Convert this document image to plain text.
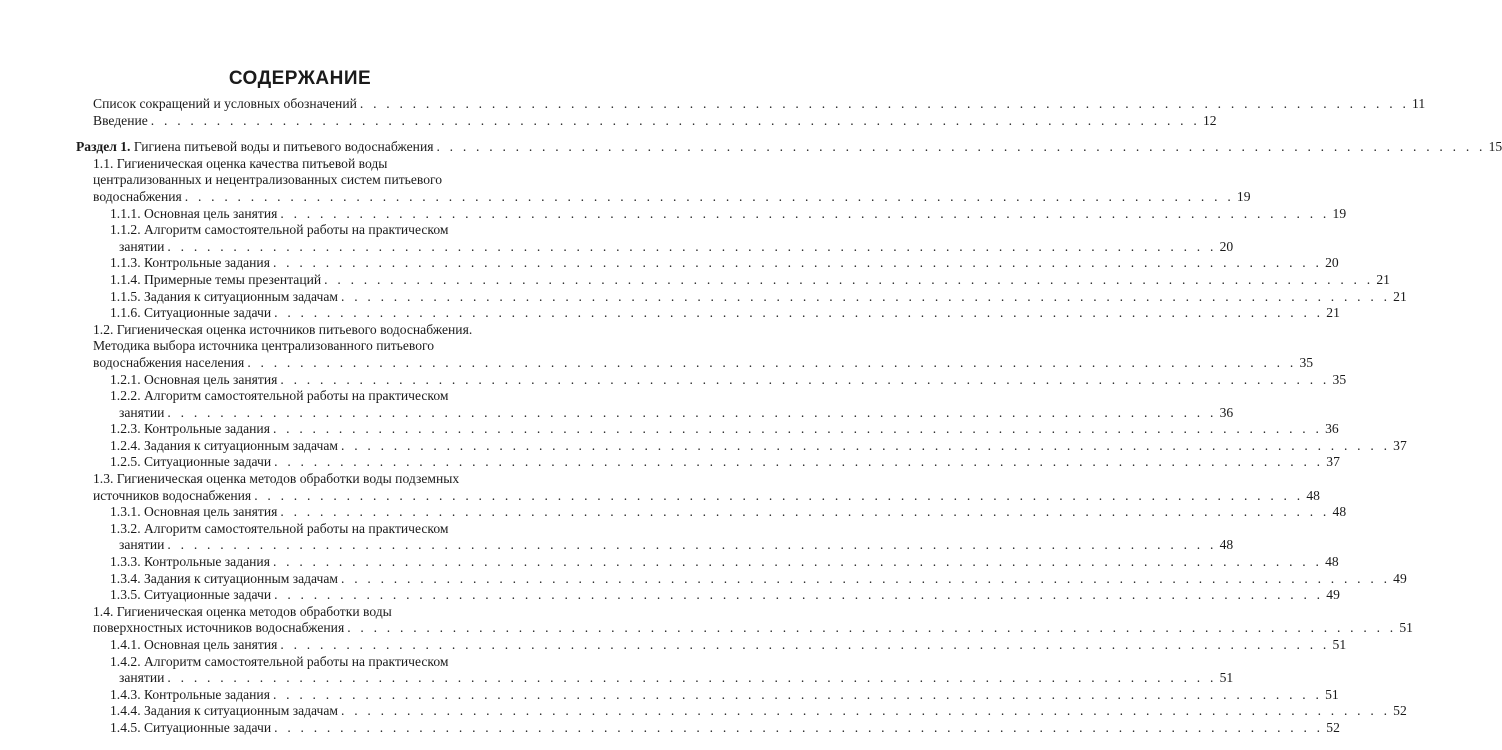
СОДЕРЖАНИЕ
Список сокращений и условных обозначений . . . . . . . . . . . . . . . . . . . . . . . . . . . . . . . . . . . . . . . . . . . . . . . . . . . . . . . . . . . . . . . . . . . . . . . . . . . . . . . . 11
Введение . . . . . . . . . . . . . . . . . . . . . . . . . . . . . . . . . . . . . . . . . . . . . . . . . . . . . . . . . . . . . . . . . . . . . . . . . . . . . . . . 12
Раздел 1. Гигиена питьевой воды и питьевого водоснабжения . . . . . . . . . . . . . . . . . . . . . . . . . . . . . . . . . . . . . . . . . . . . . . . . . . . . . . . . . . . . . . . . . . . . . . . . . . . . . . . . 15
1.1. Гигиеническая оценка качества питьевой воды
централизованных и нецентрализованных систем питьевого
водоснабжения . . . . . . . . . . . . . . . . . . . . . . . . . . . . . . . . . . . . . . . . . . . . . . . . . . . . . . . . . . . . . . . . . . . . . . . . . . . . . . . . 19
1.1.1. Основная цель занятия . . . . . . . . . . . . . . . . . . . . . . . . . . . . . . . . . . . . . . . . . . . . . . . . . . . . . . . . . . . . . . . . . . . . . . . . . . . . . . . . 19
1.1.2. Алгоритм самостоятельной работы на практическом
занятии . . . . . . . . . . . . . . . . . . . . . . . . . . . . . . . . . . . . . . . . . . . . . . . . . . . . . . . . . . . . . . . . . . . . . . . . . . . . . . . . 20
1.1.3. Контрольные задания . . . . . . . . . . . . . . . . . . . . . . . . . . . . . . . . . . . . . . . . . . . . . . . . . . . . . . . . . . . . . . . . . . . . . . . . . . . . . . . . 20
1.1.4. Примерные темы презентаций . . . . . . . . . . . . . . . . . . . . . . . . . . . . . . . . . . . . . . . . . . . . . . . . . . . . . . . . . . . . . . . . . . . . . . . . . . . . . . . . 21
1.1.5. Задания к ситуационным задачам . . . . . . . . . . . . . . . . . . . . . . . . . . . . . . . . . . . . . . . . . . . . . . . . . . . . . . . . . . . . . . . . . . . . . . . . . . . . . . . . 21
1.1.6. Ситуационные задачи . . . . . . . . . . . . . . . . . . . . . . . . . . . . . . . . . . . . . . . . . . . . . . . . . . . . . . . . . . . . . . . . . . . . . . . . . . . . . . . . 21
1.2. Гигиеническая оценка источников питьевого водоснабжения.
Методика выбора источника централизованного питьевого
водоснабжения населения . . . . . . . . . . . . . . . . . . . . . . . . . . . . . . . . . . . . . . . . . . . . . . . . . . . . . . . . . . . . . . . . . . . . . . . . . . . . . . . . 35
1.2.1. Основная цель занятия . . . . . . . . . . . . . . . . . . . . . . . . . . . . . . . . . . . . . . . . . . . . . . . . . . . . . . . . . . . . . . . . . . . . . . . . . . . . . . . . 35
1.2.2. Алгоритм самостоятельной работы на практическом
занятии . . . . . . . . . . . . . . . . . . . . . . . . . . . . . . . . . . . . . . . . . . . . . . . . . . . . . . . . . . . . . . . . . . . . . . . . . . . . . . . . 36
1.2.3. Контрольные задания . . . . . . . . . . . . . . . . . . . . . . . . . . . . . . . . . . . . . . . . . . . . . . . . . . . . . . . . . . . . . . . . . . . . . . . . . . . . . . . . 36
1.2.4. Задания к ситуационным задачам . . . . . . . . . . . . . . . . . . . . . . . . . . . . . . . . . . . . . . . . . . . . . . . . . . . . . . . . . . . . . . . . . . . . . . . . . . . . . . . . 37
1.2.5. Ситуационные задачи . . . . . . . . . . . . . . . . . . . . . . . . . . . . . . . . . . . . . . . . . . . . . . . . . . . . . . . . . . . . . . . . . . . . . . . . . . . . . . . . 37
1.3. Гигиеническая оценка методов обработки воды подземных
источников водоснабжения . . . . . . . . . . . . . . . . . . . . . . . . . . . . . . . . . . . . . . . . . . . . . . . . . . . . . . . . . . . . . . . . . . . . . . . . . . . . . . . . 48
1.3.1. Основная цель занятия . . . . . . . . . . . . . . . . . . . . . . . . . . . . . . . . . . . . . . . . . . . . . . . . . . . . . . . . . . . . . . . . . . . . . . . . . . . . . . . . 48
1.3.2. Алгоритм самостоятельной работы на практическом
занятии . . . . . . . . . . . . . . . . . . . . . . . . . . . . . . . . . . . . . . . . . . . . . . . . . . . . . . . . . . . . . . . . . . . . . . . . . . . . . . . . 48
1.3.3. Контрольные задания . . . . . . . . . . . . . . . . . . . . . . . . . . . . . . . . . . . . . . . . . . . . . . . . . . . . . . . . . . . . . . . . . . . . . . . . . . . . . . . . 48
1.3.4. Задания к ситуационным задачам . . . . . . . . . . . . . . . . . . . . . . . . . . . . . . . . . . . . . . . . . . . . . . . . . . . . . . . . . . . . . . . . . . . . . . . . . . . . . . . . 49
1.3.5. Ситуационные задачи . . . . . . . . . . . . . . . . . . . . . . . . . . . . . . . . . . . . . . . . . . . . . . . . . . . . . . . . . . . . . . . . . . . . . . . . . . . . . . . . 49
1.4. Гигиеническая оценка методов обработки воды
поверхностных источников водоснабжения . . . . . . . . . . . . . . . . . . . . . . . . . . . . . . . . . . . . . . . . . . . . . . . . . . . . . . . . . . . . . . . . . . . . . . . . . . . . . . . . 51
1.4.1. Основная цель занятия . . . . . . . . . . . . . . . . . . . . . . . . . . . . . . . . . . . . . . . . . . . . . . . . . . . . . . . . . . . . . . . . . . . . . . . . . . . . . . . . 51
1.4.2. Алгоритм самостоятельной работы на практическом
занятии . . . . . . . . . . . . . . . . . . . . . . . . . . . . . . . . . . . . . . . . . . . . . . . . . . . . . . . . . . . . . . . . . . . . . . . . . . . . . . . . 51
1.4.3. Контрольные задания . . . . . . . . . . . . . . . . . . . . . . . . . . . . . . . . . . . . . . . . . . . . . . . . . . . . . . . . . . . . . . . . . . . . . . . . . . . . . . . . 51
1.4.4. Задания к ситуационным задачам . . . . . . . . . . . . . . . . . . . . . . . . . . . . . . . . . . . . . . . . . . . . . . . . . . . . . . . . . . . . . . . . . . . . . . . . . . . . . . . . 52
1.4.5. Ситуационные задачи . . . . . . . . . . . . . . . . . . . . . . . . . . . . . . . . . . . . . . . . . . . . . . . . . . . . . . . . . . . . . . . . . . . . . . . . . . . . . . . . 52
